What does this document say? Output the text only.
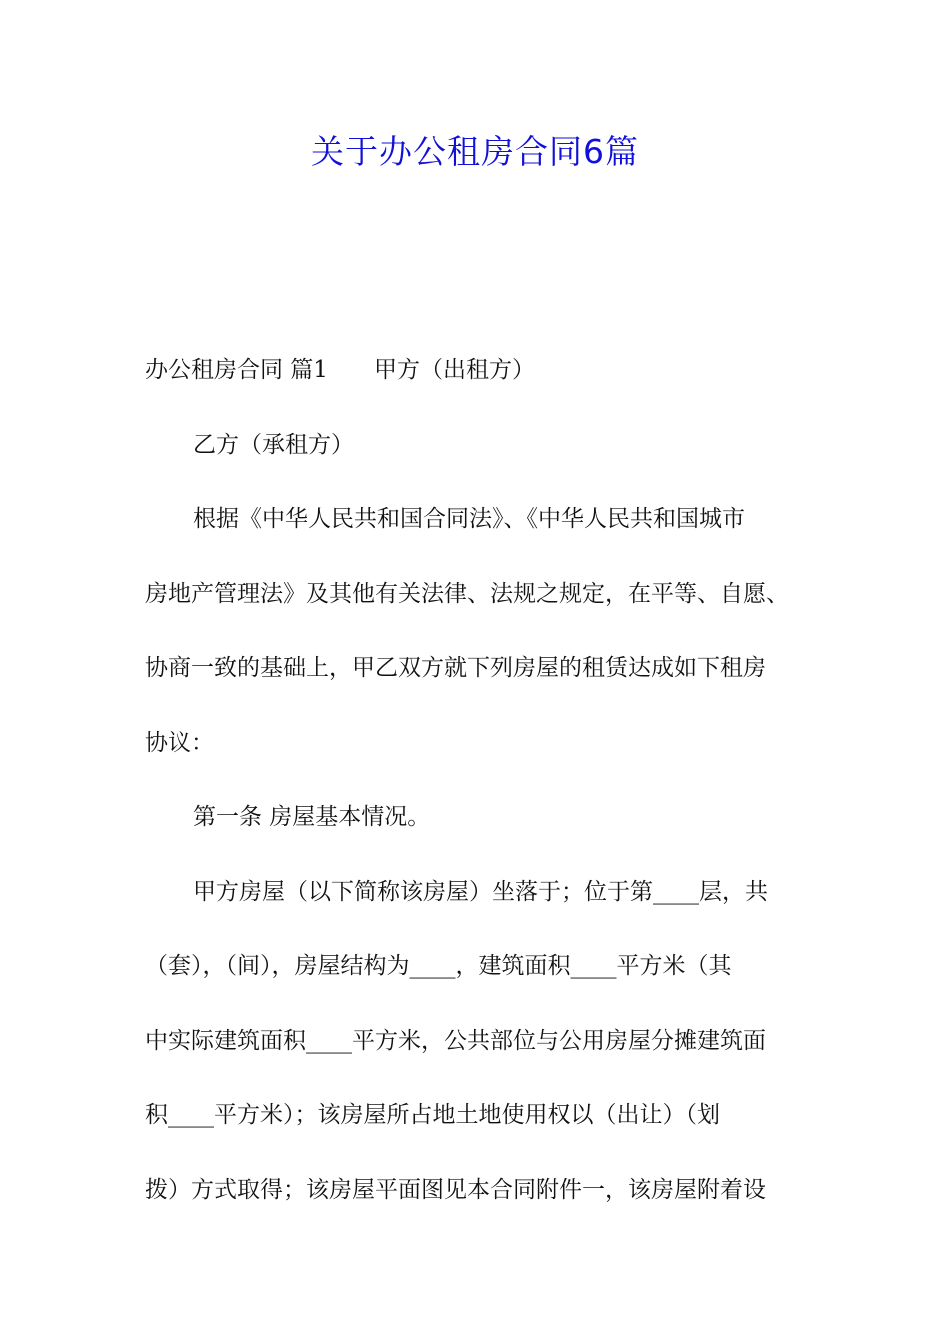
关于办公租房合同6篇
办公租房合同 篇1 甲方（出租方）
乙方（承租方）
根据《中华人民共和国合同法》、《中华人民共和国城市
房地产管理法》及其他有关法律、法规之规定，在平等、自愿、
协商一致的基础上，甲乙双方就下列房屋的租赁达成如下租房
协议：
第一条 房屋基本情况。
甲方房屋（以下简称该房屋）坐落于；位于第____层，共
（套），（间），房屋结构为____，建筑面积____平方米（其
中实际建筑面积____平方米，公共部位与公用房屋分摊建筑面
积____平方米）；该房屋所占地土地使用权以（出让）（划
拨）方式取得；该房屋平面图见本合同附件一，该房屋附着设
